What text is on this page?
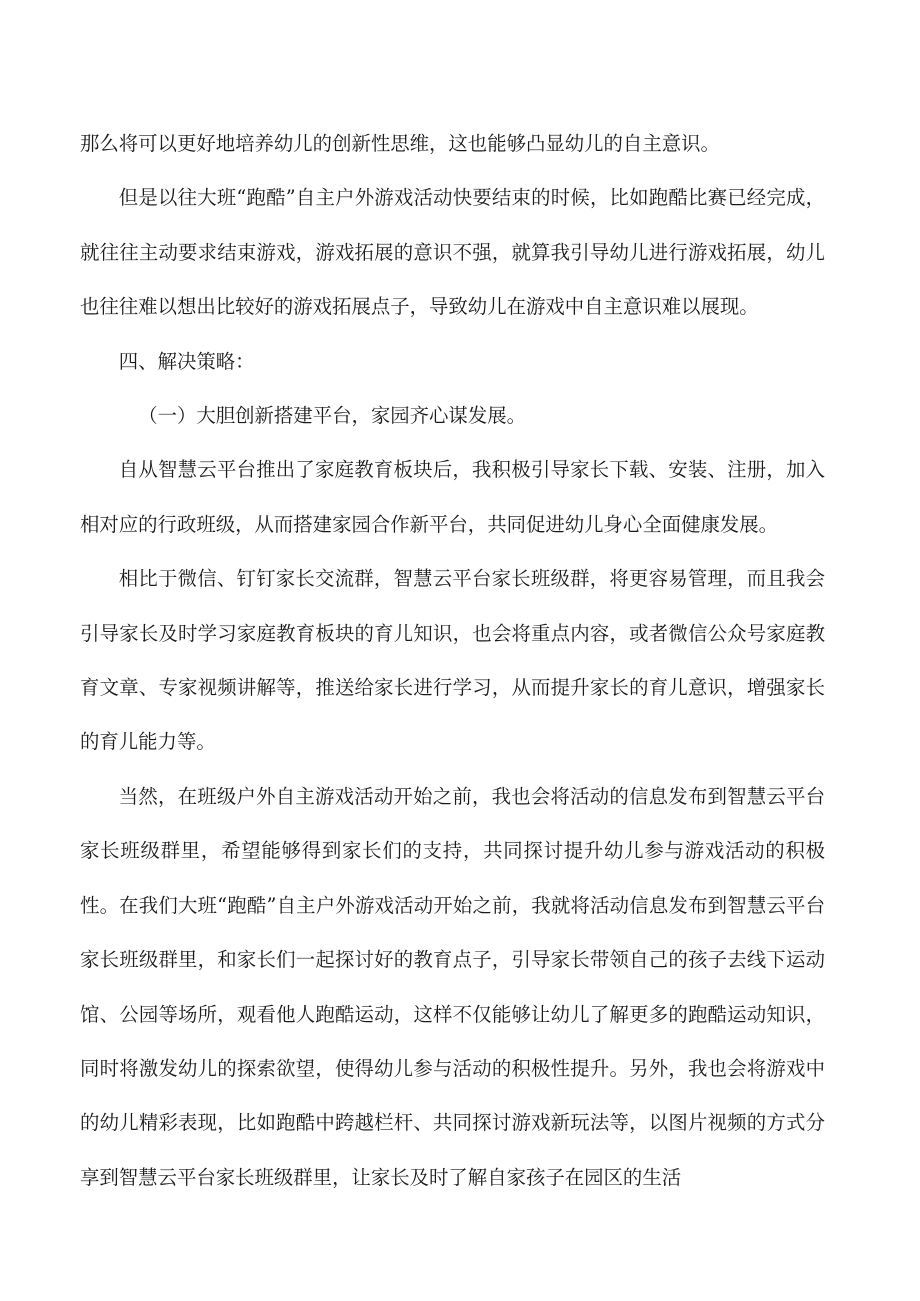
那么将可以更好地培养幼儿的创新性思维，这也能够凸显幼儿的自主意识。

但是以往大班“跑酷”自主户外游戏活动快要结束的时候，比如跑酷比赛已经完成，就往往主动要求结束游戏，游戏拓展的意识不强，就算我引导幼儿进行游戏拓展，幼儿也往往难以想出比较好的游戏拓展点子，导致幼儿在游戏中自主意识难以展现。

四、解决策略：

（一）大胆创新搭建平台，家园齐心谋发展。

自从智慧云平台推出了家庭教育板块后，我积极引导家长下载、安装、注册，加入相对应的行政班级，从而搭建家园合作新平台，共同促进幼儿身心全面健康发展。

相比于微信、钉钉家长交流群，智慧云平台家长班级群，将更容易管理，而且我会引导家长及时学习家庭教育板块的育儿知识，也会将重点内容，或者微信公众号家庭教育文章、专家视频讲解等，推送给家长进行学习，从而提升家长的育儿意识，增强家长的育儿能力等。

当然，在班级户外自主游戏活动开始之前，我也会将活动的信息发布到智慧云平台家长班级群里，希望能够得到家长们的支持，共同探讨提升幼儿参与游戏活动的积极性。在我们大班“跑酷”自主户外游戏活动开始之前，我就将活动信息发布到智慧云平台家长班级群里，和家长们一起探讨好的教育点子，引导家长带领自己的孩子去线下运动馆、公园等场所，观看他人跑酷运动，这样不仅能够让幼儿了解更多的跑酷运动知识，同时将激发幼儿的探索欲望，使得幼儿参与活动的积极性提升。另外，我也会将游戏中的幼儿精彩表现，比如跑酷中跨越栏杆、共同探讨游戏新玩法等，以图片视频的方式分享到智慧云平台家长班级群里，让家长及时了解自家孩子在园区的生活
